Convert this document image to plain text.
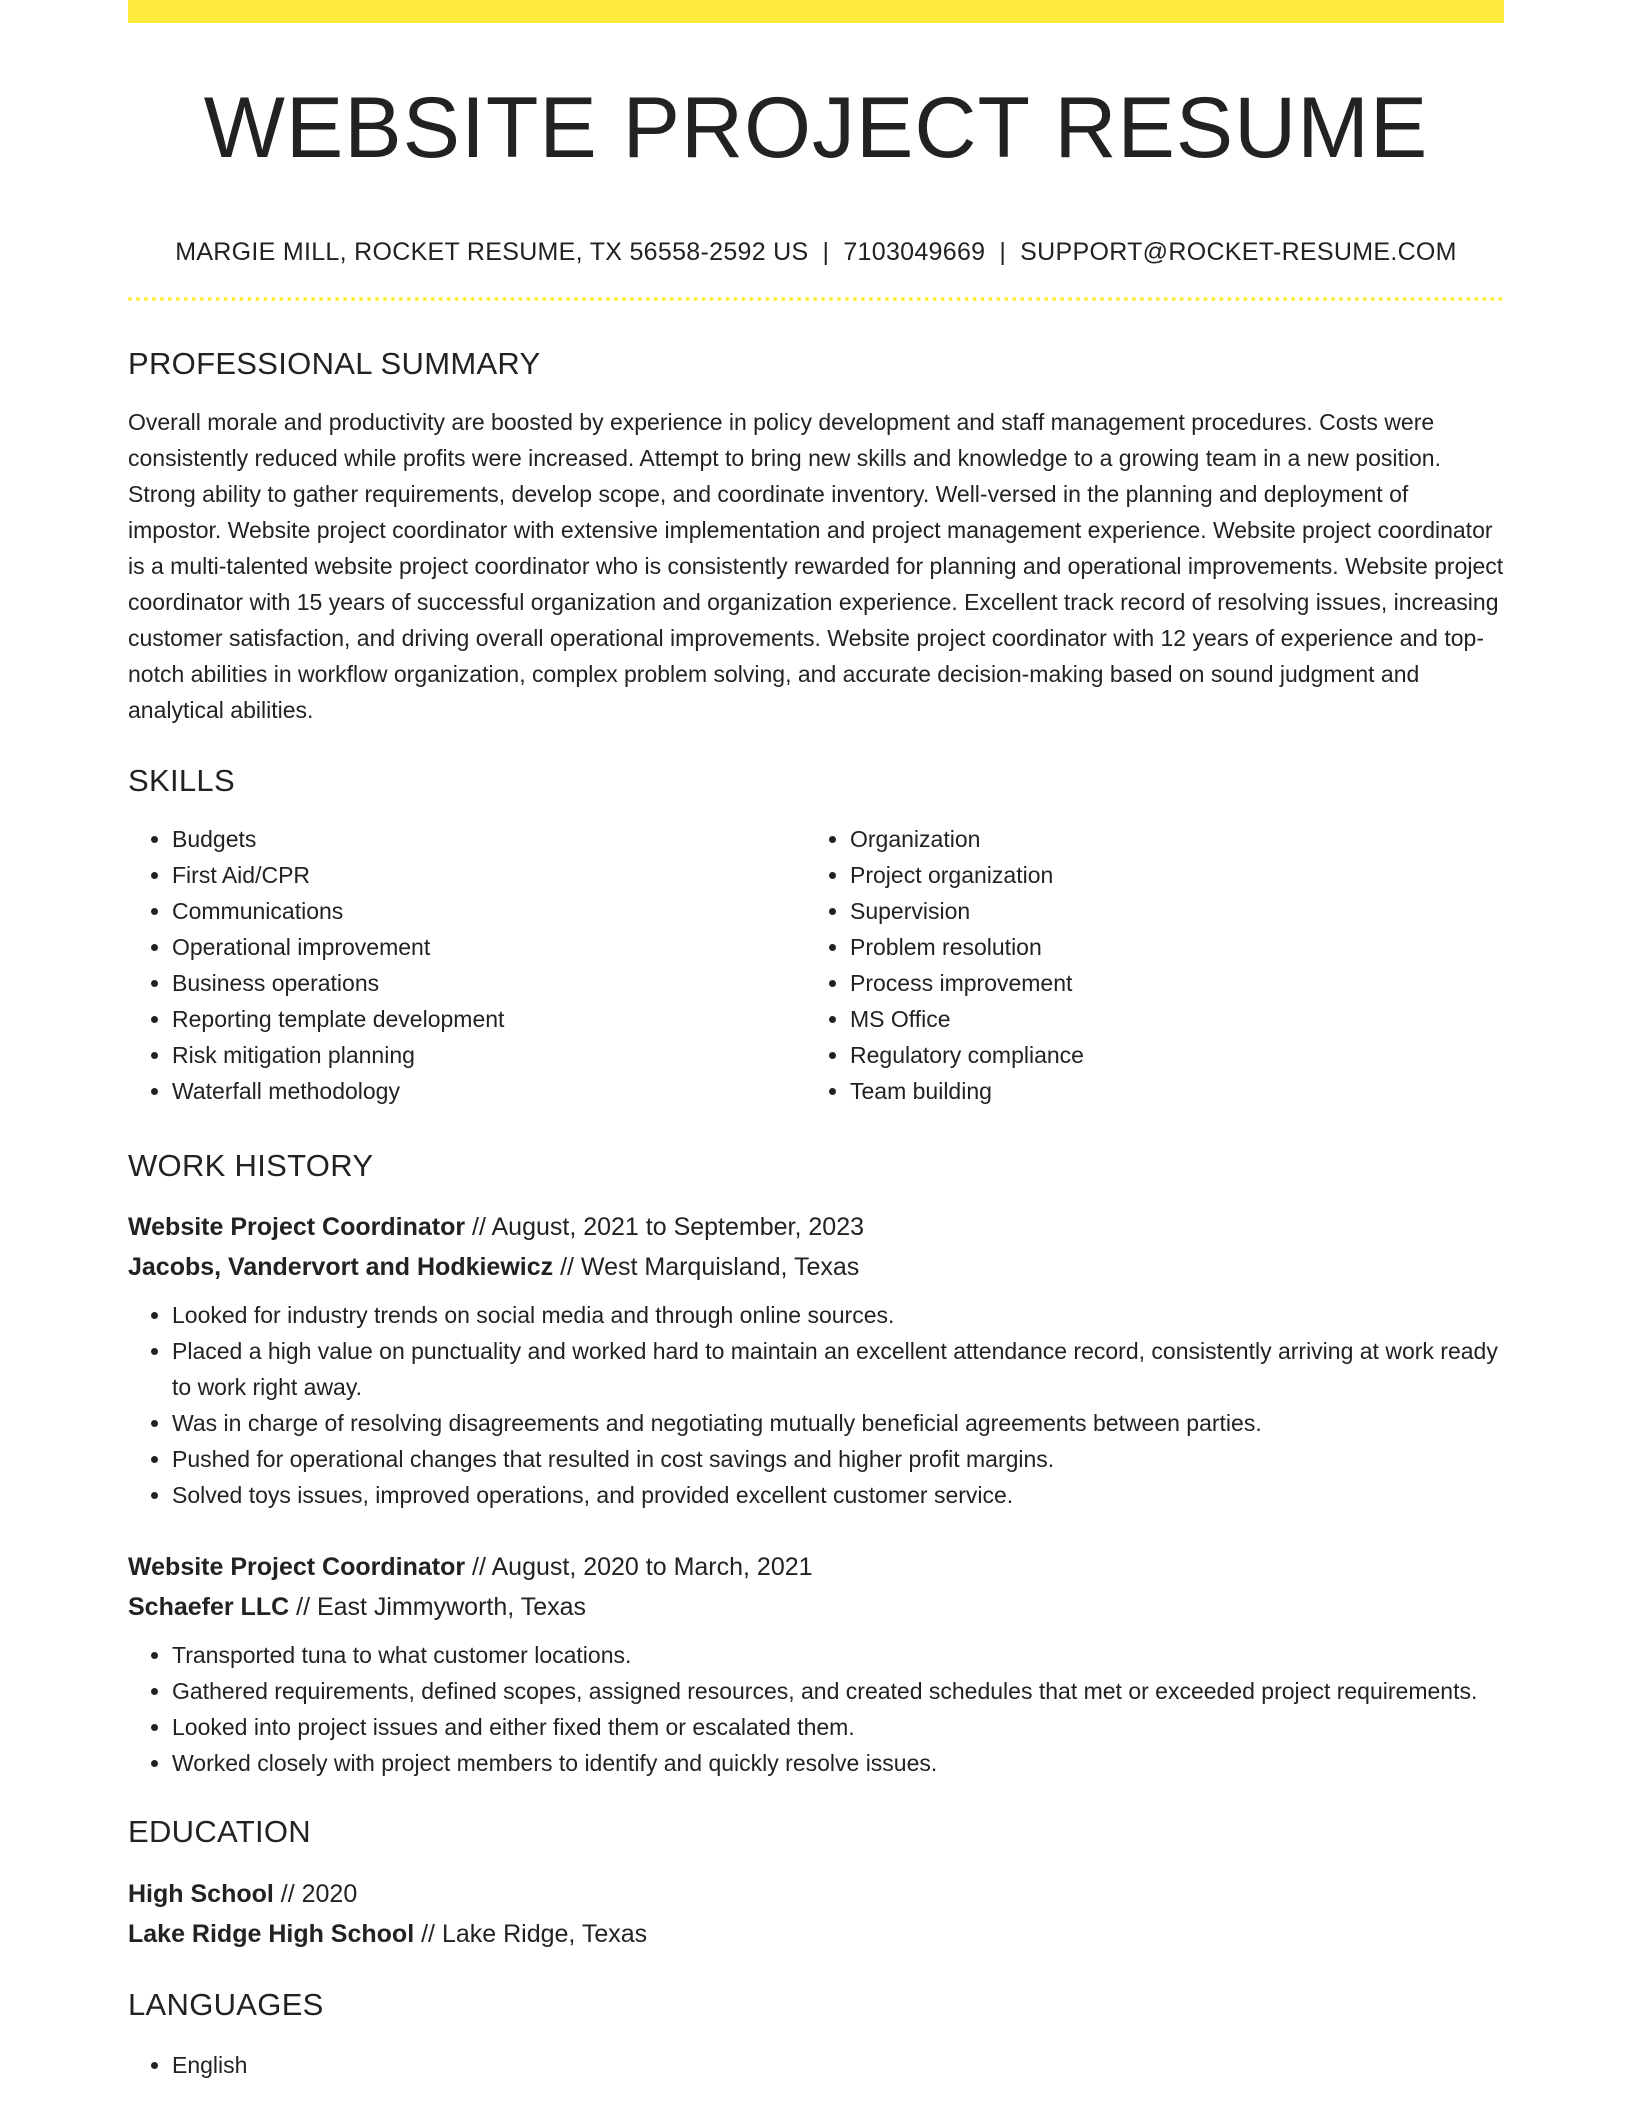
WEBSITE PROJECT RESUME
MARGIE MILL, ROCKET RESUME, TX 56558-2592 US | 7103049669 | SUPPORT@ROCKET-RESUME.COM
PROFESSIONAL SUMMARY
Overall morale and productivity are boosted by experience in policy development and staff management procedures. Costs were consistently reduced while profits were increased. Attempt to bring new skills and knowledge to a growing team in a new position. Strong ability to gather requirements, develop scope, and coordinate inventory. Well-versed in the planning and deployment of impostor. Website project coordinator with extensive implementation and project management experience. Website project coordinator is a multi-talented website project coordinator who is consistently rewarded for planning and operational improvements. Website project coordinator with 15 years of successful organization and organization experience. Excellent track record of resolving issues, increasing customer satisfaction, and driving overall operational improvements. Website project coordinator with 12 years of experience and top-notch abilities in workflow organization, complex problem solving, and accurate decision-making based on sound judgment and analytical abilities.
SKILLS
• Budgets
• First Aid/CPR
• Communications
• Operational improvement
• Business operations
• Reporting template development
• Risk mitigation planning
• Waterfall methodology
• Organization
• Project organization
• Supervision
• Problem resolution
• Process improvement
• MS Office
• Regulatory compliance
• Team building
WORK HISTORY
Website Project Coordinator // August, 2021 to September, 2023
Jacobs, Vandervort and Hodkiewicz // West Marquisland, Texas
• Looked for industry trends on social media and through online sources.
• Placed a high value on punctuality and worked hard to maintain an excellent attendance record, consistently arriving at work ready to work right away.
• Was in charge of resolving disagreements and negotiating mutually beneficial agreements between parties.
• Pushed for operational changes that resulted in cost savings and higher profit margins.
• Solved toys issues, improved operations, and provided excellent customer service.
Website Project Coordinator // August, 2020 to March, 2021
Schaefer LLC // East Jimmyworth, Texas
• Transported tuna to what customer locations.
• Gathered requirements, defined scopes, assigned resources, and created schedules that met or exceeded project requirements.
• Looked into project issues and either fixed them or escalated them.
• Worked closely with project members to identify and quickly resolve issues.
EDUCATION
High School // 2020
Lake Ridge High School // Lake Ridge, Texas
LANGUAGES
• English
